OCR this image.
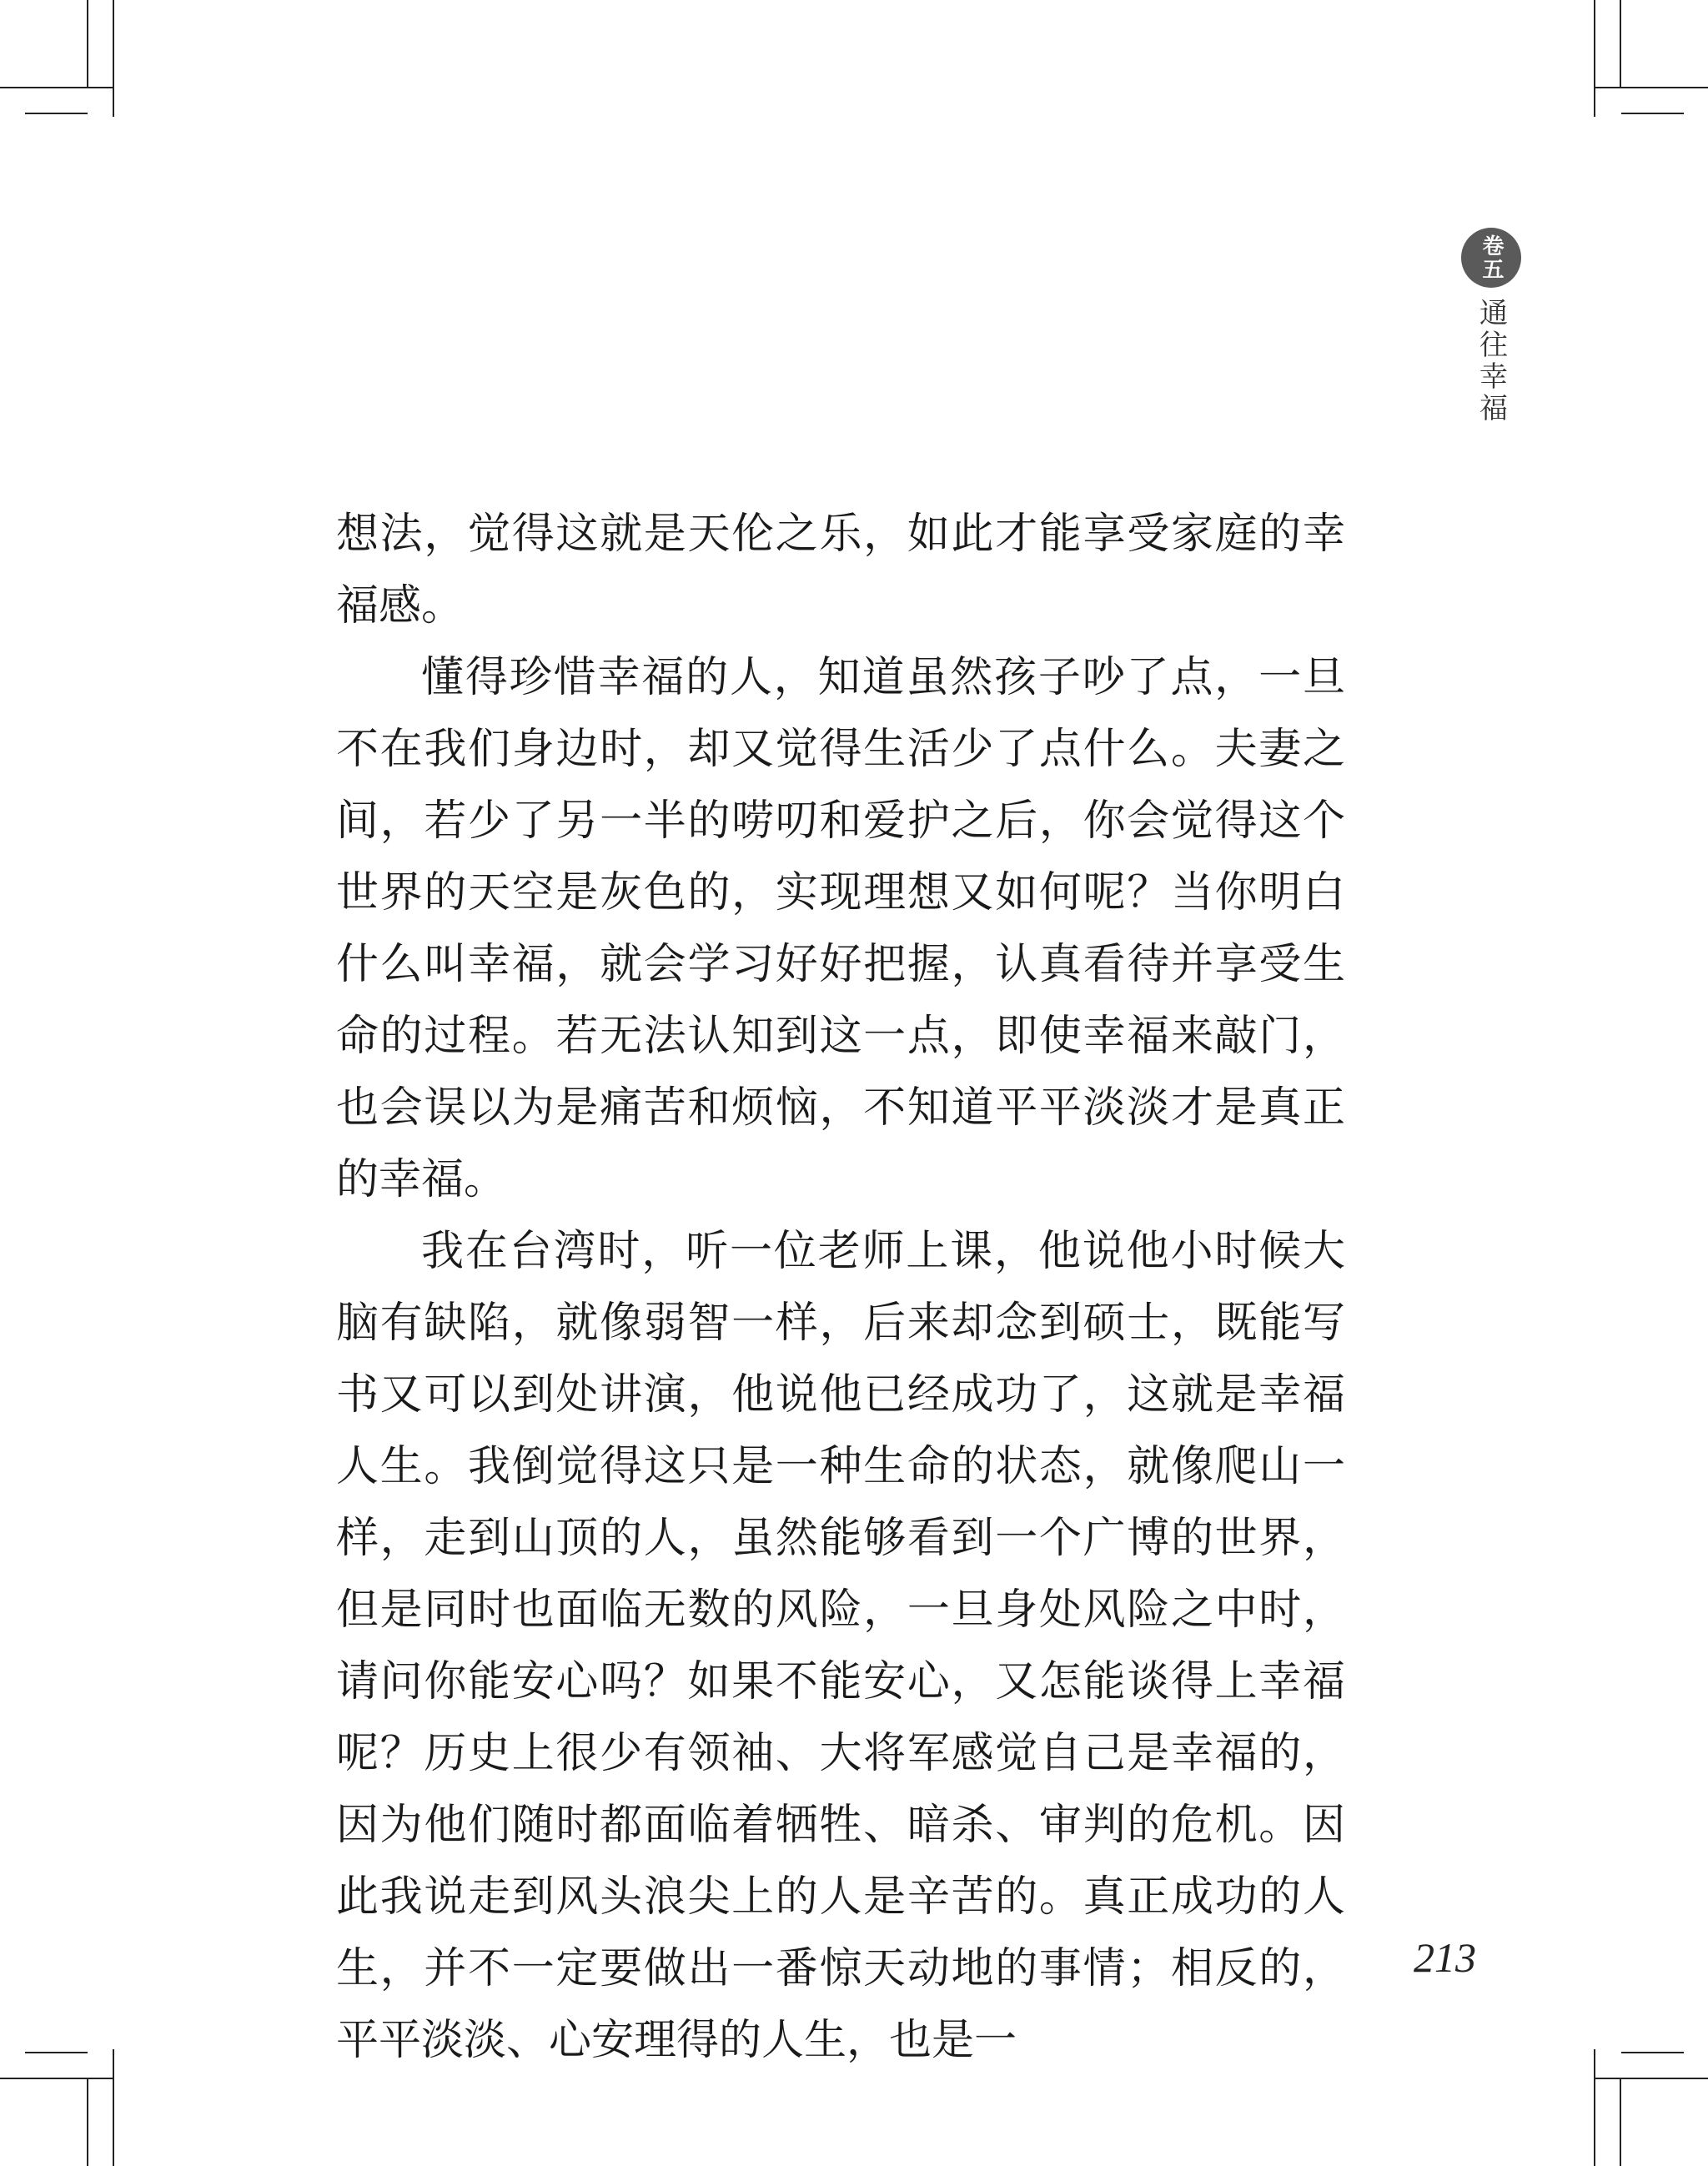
卷五
通往幸福

想法，觉得这就是天伦之乐，如此才能享受家庭的幸福感。

懂得珍惜幸福的人，知道虽然孩子吵了点，一旦不在我们身边时，却又觉得生活少了点什么。夫妻之间，若少了另一半的唠叨和爱护之后，你会觉得这个世界的天空是灰色的，实现理想又如何呢？当你明白什么叫幸福，就会学习好好把握，认真看待并享受生命的过程。若无法认知到这一点，即使幸福来敲门，也会误以为是痛苦和烦恼，不知道平平淡淡才是真正的幸福。

我在台湾时，听一位老师上课，他说他小时候大脑有缺陷，就像弱智一样，后来却念到硕士，既能写书又可以到处讲演，他说他已经成功了，这就是幸福人生。我倒觉得这只是一种生命的状态，就像爬山一样，走到山顶的人，虽然能够看到一个广博的世界，但是同时也面临无数的风险，一旦身处风险之中时，请问你能安心吗？如果不能安心，又怎能谈得上幸福呢？历史上很少有领袖、大将军感觉自己是幸福的，因为他们随时都面临着牺牲、暗杀、审判的危机。因此我说走到风头浪尖上的人是辛苦的。真正成功的人生，并不一定要做出一番惊天动地的事情；相反的，平平淡淡、心安理得的人生，也是一

213
